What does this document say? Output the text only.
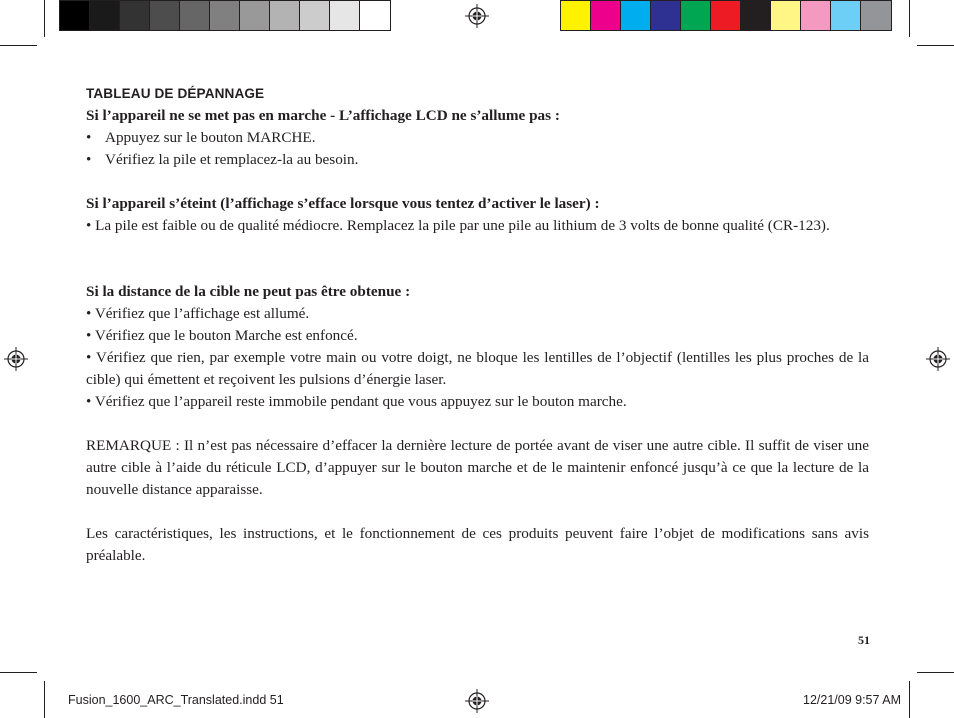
TABLEAU DE DÉPANNAGE

Si l’appareil ne se met pas en marche - L’affichage LCD ne s’allume pas :

• Appuyez sur le bouton MARCHE.
• Vérifiez la pile et remplacez-la au besoin.

Si l’appareil s’éteint (l’affichage s’efface lorsque vous tentez d’activer le laser) :

• La pile est faible ou de qualité médiocre. Remplacez la pile par une pile au lithium de 3 volts de bonne qualité (CR-123).

Si la distance de la cible ne peut pas être obtenue :

• Vérifiez que l’affichage est allumé.

• Vérifiez que le bouton Marche est enfoncé.

• Vérifiez que rien, par exemple votre main ou votre doigt, ne bloque les lentilles de l’objectif (lentilles les plus proches de la cible) qui émettent et reçoivent les pulsions d’énergie laser.

• Vérifiez que l’appareil reste immobile pendant que vous appuyez sur le bouton marche.

REMARQUE : Il n’est pas nécessaire d’effacer la dernière lecture de portée avant de viser une autre cible. Il suffit de viser une autre cible à l’aide du réticule LCD, d’appuyer sur le bouton marche et de le maintenir enfoncé jusqu’à ce que la lecture de la nouvelle distance apparaisse.

Les caractéristiques, les instructions, et le fonctionnement de ces produits peuvent faire l’objet de modifications sans avis préalable.

51
Fusion_1600_ARC_Translated.indd 51	12/21/09 9:57 AM
